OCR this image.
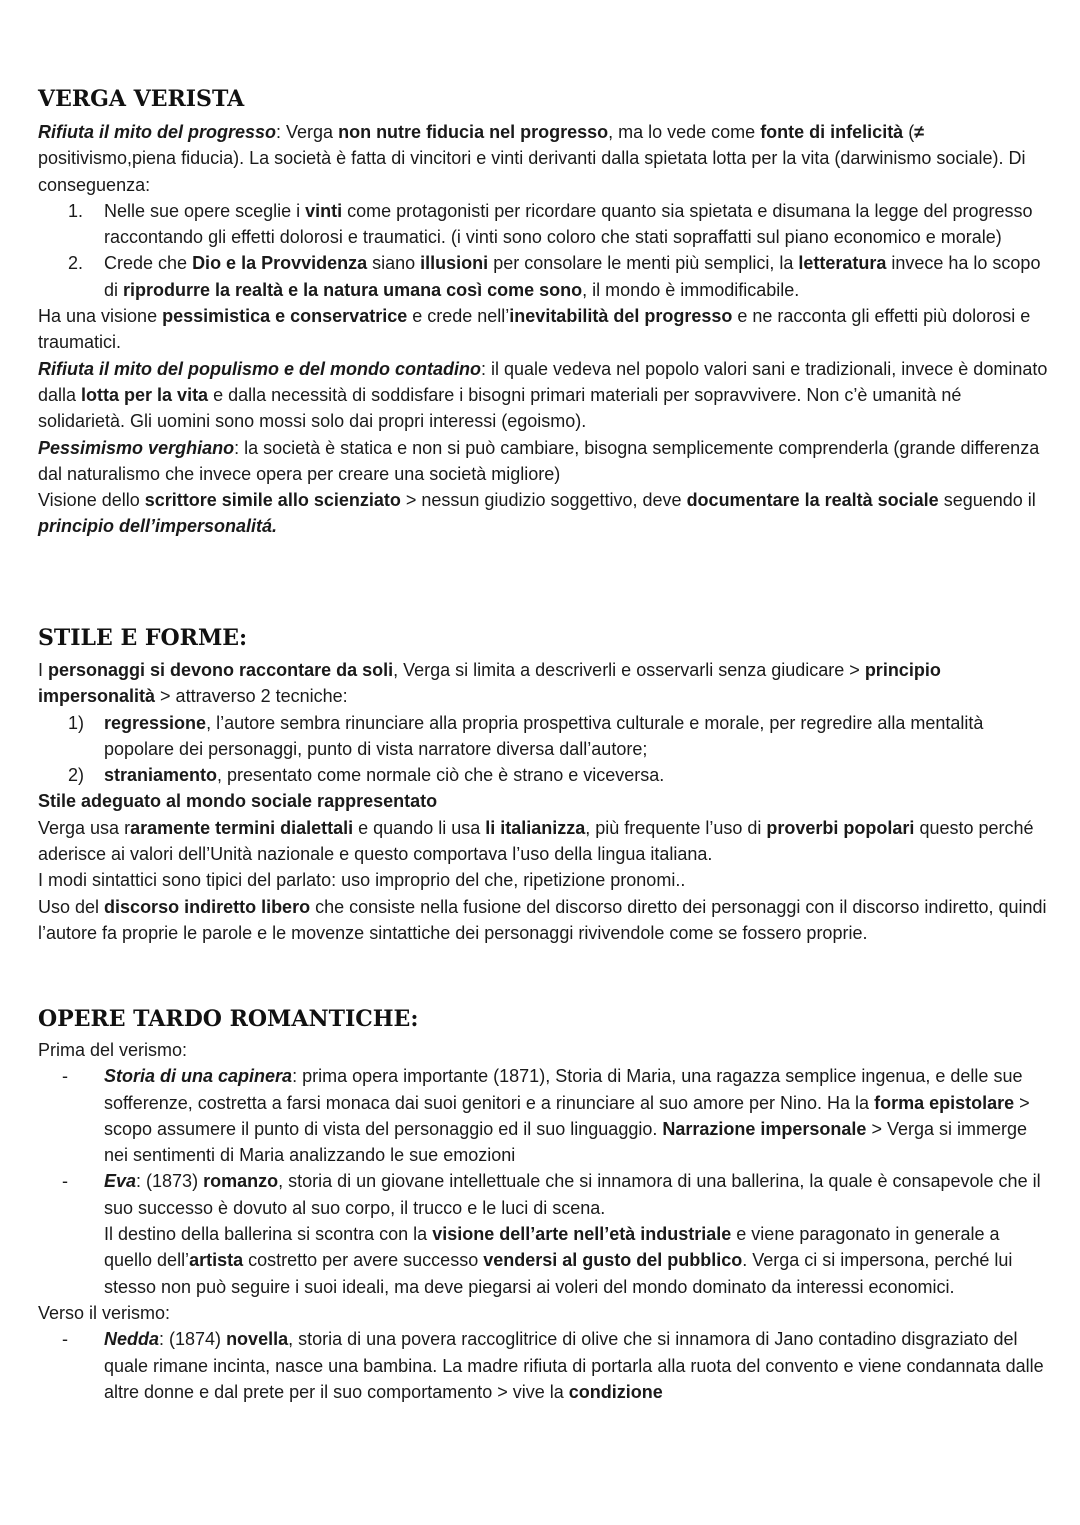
VERGA VERISTA

Rifiuta il mito del progresso: Verga non nutre fiducia nel progresso, ma lo vede come fonte di infelicità (≠ positivismo,piena fiducia). La società è fatta di vincitori e vinti derivanti dalla spietata lotta per la vita (darwinismo sociale). Di conseguenza:

1. Nelle sue opere sceglie i vinti come protagonisti per ricordare quanto sia spietata e disumana la legge del progresso raccontando gli effetti dolorosi e traumatici. (i vinti sono coloro che stati sopraffatti sul piano economico e morale)

2. Crede che Dio e la Provvidenza siano illusioni per consolare le menti più semplici, la letteratura invece ha lo scopo di riprodurre la realtà e la natura umana così come sono, il mondo è immodificabile.

Ha una visione pessimistica e conservatrice e crede nell’inevitabilità del progresso e ne racconta gli effetti più dolorosi e traumatici.

Rifiuta il mito del populismo e del mondo contadino: il quale vedeva nel popolo valori sani e tradizionali, invece è dominato dalla lotta per la vita e dalla necessità di soddisfare i bisogni primari materiali per sopravvivere. Non c’è umanità né solidarietà. Gli uomini sono mossi solo dai propri interessi (egoismo).

Pessimismo verghiano: la società è statica e non si può cambiare, bisogna semplicemente comprenderla (grande differenza dal naturalismo che invece opera per creare una società migliore)

Visione dello scrittore simile allo scienziato > nessun giudizio soggettivo, deve documentare la realtà sociale seguendo il principio dell’impersonalitá.

STILE E FORME:

I personaggi si devono raccontare da soli, Verga si limita a descriverli e osservarli senza giudicare > principio impersonalità > attraverso 2 tecniche:

1) regressione, l’autore sembra rinunciare alla propria prospettiva culturale e morale, per regredire alla mentalità popolare dei personaggi, punto di vista narratore diversa dall’autore;

2) straniamento, presentato come normale ciò che è strano e viceversa.

Stile adeguato al mondo sociale rappresentato

Verga usa raramente termini dialettali e quando li usa li italianizza, più frequente l’uso di proverbi popolari questo perché aderisce ai valori dell’Unità nazionale e questo comportava l’uso della lingua italiana.

I modi sintattici sono tipici del parlato: uso improprio del che, ripetizione pronomi..

Uso del discorso indiretto libero che consiste nella fusione del discorso diretto dei personaggi con il discorso indiretto, quindi l’autore fa proprie le parole e le movenze sintattiche dei personaggi rivivendole come se fossero proprie.

OPERE TARDO ROMANTICHE:

Prima del verismo:

- Storia di una capinera: prima opera importante (1871), Storia di Maria, una ragazza semplice ingenua, e delle sue sofferenze, costretta a farsi monaca dai suoi genitori e a rinunciare al suo amore per Nino. Ha la forma epistolare > scopo assumere il punto di vista del personaggio ed il suo linguaggio. Narrazione impersonale > Verga si immerge nei sentimenti di Maria analizzando le sue emozioni

- Eva: (1873) romanzo, storia di un giovane intellettuale che si innamora di una ballerina, la quale è consapevole che il suo successo è dovuto al suo corpo, il trucco e le luci di scena.

Il destino della ballerina si scontra con la visione dell’arte nell’età industriale e viene paragonato in generale a quello dell’artista costretto per avere successo vendersi al gusto del pubblico. Verga ci si impersona, perché lui stesso non può seguire i suoi ideali, ma deve piegarsi ai voleri del mondo dominato da interessi economici.

Verso il verismo:

- Nedda: (1874) novella, storia di una povera raccoglitrice di olive che si innamora di Jano contadino disgraziato del quale rimane incinta, nasce una bambina. La madre rifiuta di portarla alla ruota del convento e viene condannata dalle altre donne e dal prete per il suo comportamento > vive la condizione
